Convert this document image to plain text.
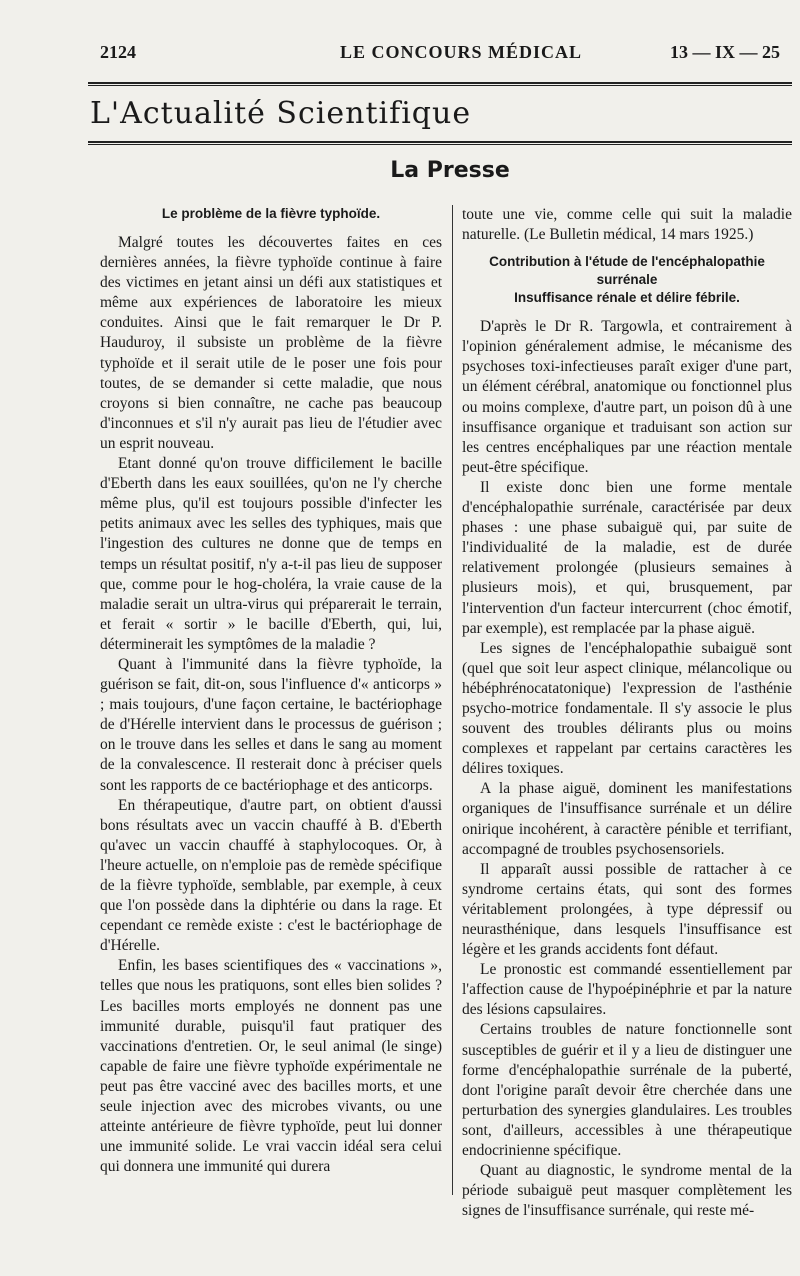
2124	LE CONCOURS MÉDICAL	13 — IX — 25
L'Actualité Scientifique
La Presse
Le problème de la fièvre typhoïde.

Malgré toutes les découvertes faites en ces dernières années, la fièvre typhoïde continue à faire des victimes en jetant ainsi un défi aux statistiques et même aux expériences de laboratoire les mieux conduites. Ainsi que le fait remarquer le Dr P. Hauduroy, il subsiste un problème de la fièvre typhoïde et il serait utile de le poser une fois pour toutes, de se demander si cette maladie, que nous croyons si bien connaître, ne cache pas beaucoup d'inconnues et s'il n'y aurait pas lieu de l'étudier avec un esprit nouveau.

Etant donné qu'on trouve difficilement le bacille d'Eberth dans les eaux souillées, qu'on ne l'y cherche même plus, qu'il est toujours possible d'infecter les petits animaux avec les selles des typhiques, mais que l'ingestion des cultures ne donne que de temps en temps un résultat positif, n'y a-t-il pas lieu de supposer que, comme pour le hog-choléra, la vraie cause de la maladie serait un ultra-virus qui préparerait le terrain, et ferait « sortir » le bacille d'Eberth, qui, lui, déterminerait les symptômes de la maladie ?

Quant à l'immunité dans la fièvre typhoïde, la guérison se fait, dit-on, sous l'influence d'« anticorps » ; mais toujours, d'une façon certaine, le bactériophage de d'Hérelle intervient dans le processus de guérison ; on le trouve dans les selles et dans le sang au moment de la convalescence. Il resterait donc à préciser quels sont les rapports de ce bactériophage et des anticorps.

En thérapeutique, d'autre part, on obtient d'aussi bons résultats avec un vaccin chauffé à B. d'Eberth qu'avec un vaccin chauffé à staphylocoques. Or, à l'heure actuelle, on n'emploie pas de remède spécifique de la fièvre typhoïde, semblable, par exemple, à ceux que l'on possède dans la diphtérie ou dans la rage. Et cependant ce remède existe : c'est le bactériophage de d'Hérelle.

Enfin, les bases scientifiques des « vaccinations », telles que nous les pratiquons, sont elles bien solides ? Les bacilles morts employés ne donnent pas une immunité durable, puisqu'il faut pratiquer des vaccinations d'entretien. Or, le seul animal (le singe) capable de faire une fièvre typhoïde expérimentale ne peut pas être vacciné avec des bacilles morts, et une seule injection avec des microbes vivants, ou une atteinte antérieure de fièvre typhoïde, peut lui donner une immunité solide. Le vrai vaccin idéal sera celui qui donnera une immunité qui durera

toute une vie, comme celle qui suit la maladie naturelle. (Le Bulletin médical, 14 mars 1925.)

Contribution à l'étude de l'encéphalopathie surrénale
Insuffisance rénale et délire fébrile.

D'après le Dr R. Targowla, et contrairement à l'opinion généralement admise, le mécanisme des psychoses toxi-infectieuses paraît exiger d'une part, un élément cérébral, anatomique ou fonctionnel plus ou moins complexe, d'autre part, un poison dû à une insuffisance organique et traduisant son action sur les centres encéphaliques par une réaction mentale peut-être spécifique.

Il existe donc bien une forme mentale d'encéphalopathie surrénale, caractérisée par deux phases : une phase subaiguë qui, par suite de l'individualité de la maladie, est de durée relativement prolongée (plusieurs semaines à plusieurs mois), et qui, brusquement, par l'intervention d'un facteur intercurrent (choc émotif, par exemple), est remplacée par la phase aiguë.

Les signes de l'encéphalopathie subaiguë sont (quel que soit leur aspect clinique, mélancolique ou hébéphrénocatatonique) l'expression de l'asthénie psycho-motrice fondamentale. Il s'y associe le plus souvent des troubles délirants plus ou moins complexes et rappelant par certains caractères les délires toxiques.

A la phase aiguë, dominent les manifestations organiques de l'insuffisance surrénale et un délire onirique incohérent, à caractère pénible et terrifiant, accompagné de troubles psychosensoriels.

Il apparaît aussi possible de rattacher à ce syndrome certains états, qui sont des formes véritablement prolongées, à type dépressif ou neurasthénique, dans lesquels l'insuffisance est légère et les grands accidents font défaut.

Le pronostic est commandé essentiellement par l'affection cause de l'hypoépinéphrie et par la nature des lésions capsulaires.

Certains troubles de nature fonctionnelle sont susceptibles de guérir et il y a lieu de distinguer une forme d'encéphalopathie surrénale de la puberté, dont l'origine paraît devoir être cherchée dans une perturbation des synergies glandulaires. Les troubles sont, d'ailleurs, accessibles à une thérapeutique endocrinienne spécifique.

Quant au diagnostic, le syndrome mental de la période subaiguë peut masquer complètement les signes de l'insuffisance surrénale, qui reste mé-
